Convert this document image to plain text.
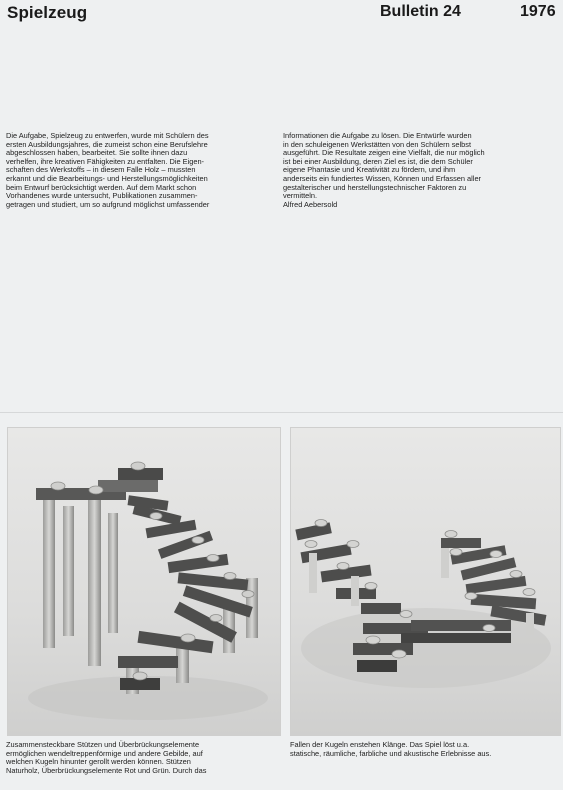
Spielzeug	Bulletin 24	1976

Die Aufgabe, Spielzeug zu entwerfen, wurde mit Schülern des
ersten Ausbildungsjahres, die zumeist schon eine Berufslehre
abgeschlossen haben, bearbeitet. Sie sollte ihnen dazu
verhelfen, ihre kreativen Fähigkeiten zu entfalten. Die Eigen-
schaften des Werkstoffs – in diesem Falle Holz – mussten
erkannt und die Bearbeitungs- und Herstellungsmöglichkeiten
beim Entwurf berücksichtigt werden. Auf dem Markt schon
Vorhandenes wurde untersucht, Publikationen zusammen-
getragen und studiert, um so aufgrund möglichst umfassender

Informationen die Aufgabe zu lösen. Die Entwürfe wurden
in den schuleigenen Werkstätten von den Schülern selbst
ausgeführt. Die Resultate zeigen eine Vielfalt, die nur möglich
ist bei einer Ausbildung, deren Ziel es ist, die dem Schüler
eigene Phantasie und Kreativität zu fördern, und ihm
anderseits ein fundiertes Wissen, Können und Erfassen aller
gestalterischer und herstellungstechnischer Faktoren zu
vermitteln.
Alfred Aebersold

Zusammensteckbare Stützen und Überbrückungselemente
ermöglichen wendeltreppenförmige und andere Gebilde, auf
welchen Kugeln hinunter gerollt werden können. Stützen
Naturholz, Überbrückungselemente Rot und Grün. Durch das

Fallen der Kugeln enstehen Klänge. Das Spiel löst u.a.
statische, räumliche, farbliche und akustische Erlebnisse aus.
